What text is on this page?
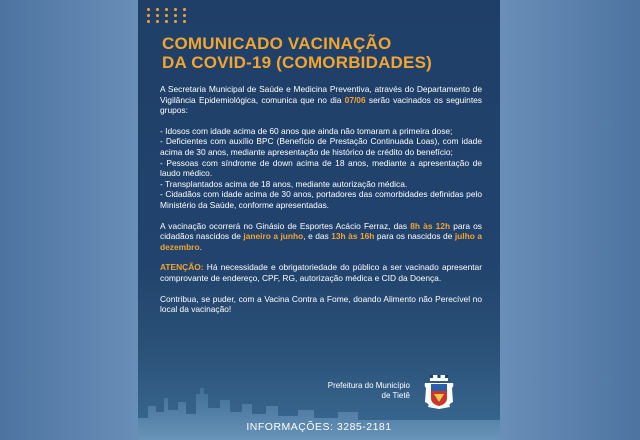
COMUNICADO VACINAÇÃO
DA COVID-19 (COMORBIDADES)

A Secretaria Municipal de Saúde e Medicina Preventiva, através do Departamento de Vigilância Epidemiológica, comunica que no dia 07/06 serão vacinados os seguintes grupos:

- Idosos com idade acima de 60 anos que ainda não tomaram a primeira dose;
- Deficientes com auxílio BPC (Benefício de Prestação Continuada Loas), com idade acima de 30 anos, mediante apresentação de histórico de crédito do benefício;
- Pessoas com síndrome de down acima de 18 anos, mediante a apresentação de laudo médico.
- Transplantados acima de 18 anos, mediante autorização médica.
- Cidadãos com idade acima de 30 anos, portadores das comorbidades definidas pelo Ministério da Saúde, conforme apresentadas.

A vacinação ocorrerá no Ginásio de Esportes Acácio Ferraz, das 8h às 12h para os cidadãos nascidos de janeiro a junho, e das 13h às 16h para os nascidos de julho a dezembro.

ATENÇÃO: Há necessidade e obrigatoriedade do público a ser vacinado apresentar comprovante de endereço, CPF, RG, autorização médica e CID da Doença.

Contribua, se puder, com a Vacina Contra a Fome, doando Alimento não Perecível no local da vacinação!

Prefeitura do Município
de Tietê
INFORMAÇÕES: 3285-2181
